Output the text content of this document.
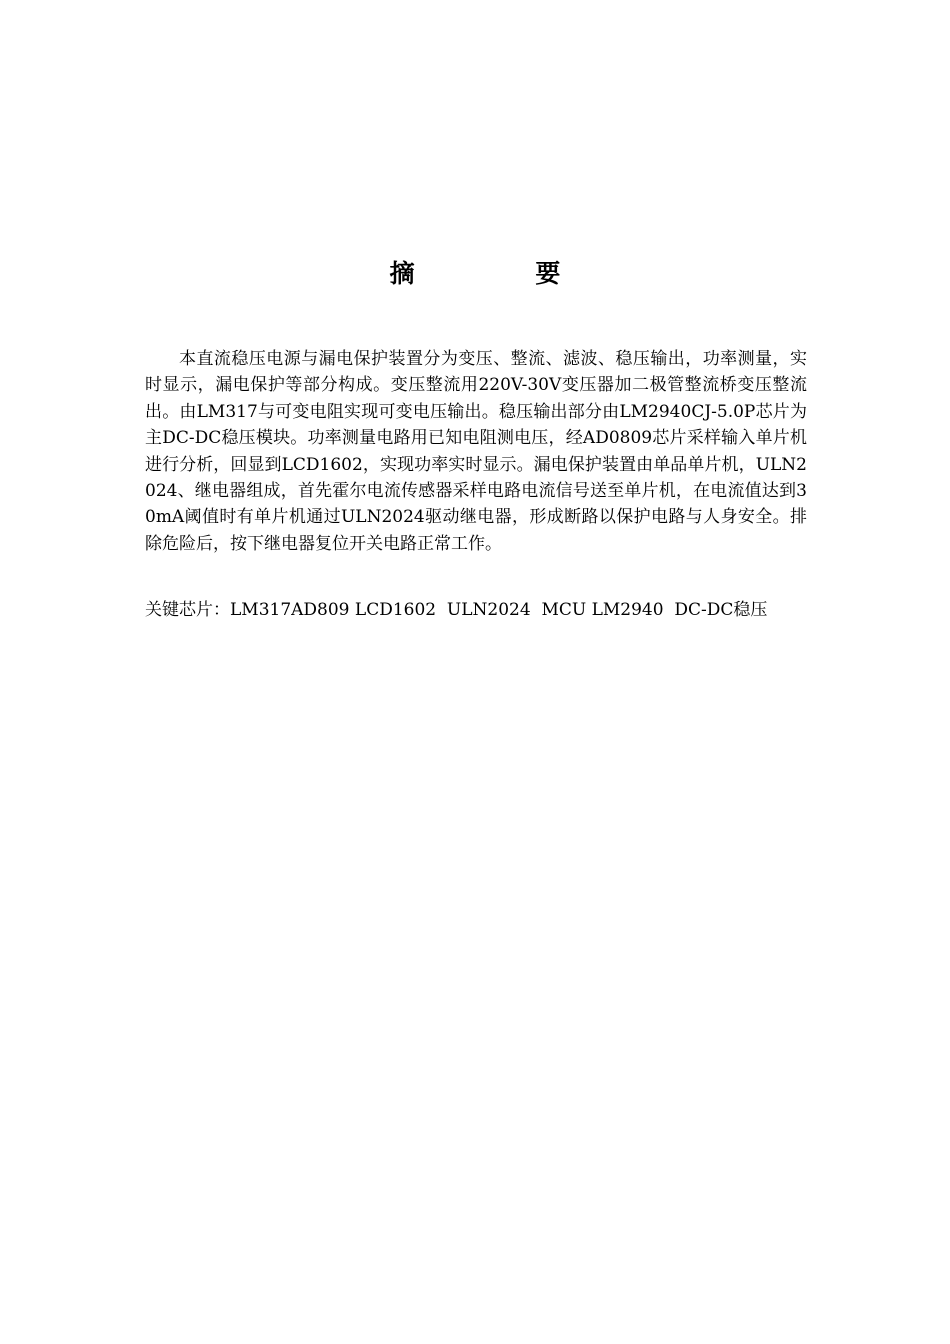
摘 要

本直流稳压电源与漏电保护装置分为变压、整流、滤波、稳压输出，功率测量，实时显示，漏电保护等部分构成。变压整流用220V-30V变压器加二极管整流桥变压整流出。由LM317与可变电阻实现可变电压输出。稳压输出部分由LM2940CJ-5.0P芯片为主DC-DC稳压模块。功率测量电路用已知电阻测电压，经AD0809芯片采样输入单片机进行分析，回显到LCD1602，实现功率实时显示。漏电保护装置由单品单片机，ULN2024、继电器组成，首先霍尔电流传感器采样电路电流信号送至单片机，在电流值达到30mA阈值时有单片机通过ULN2024驱动继电器，形成断路以保护电路与人身安全。排除危险后，按下继电器复位开关电路正常工作。

关键芯片：LM317AD809 LCD1602  ULN2024  MCU LM2940  DC-DC稳压
